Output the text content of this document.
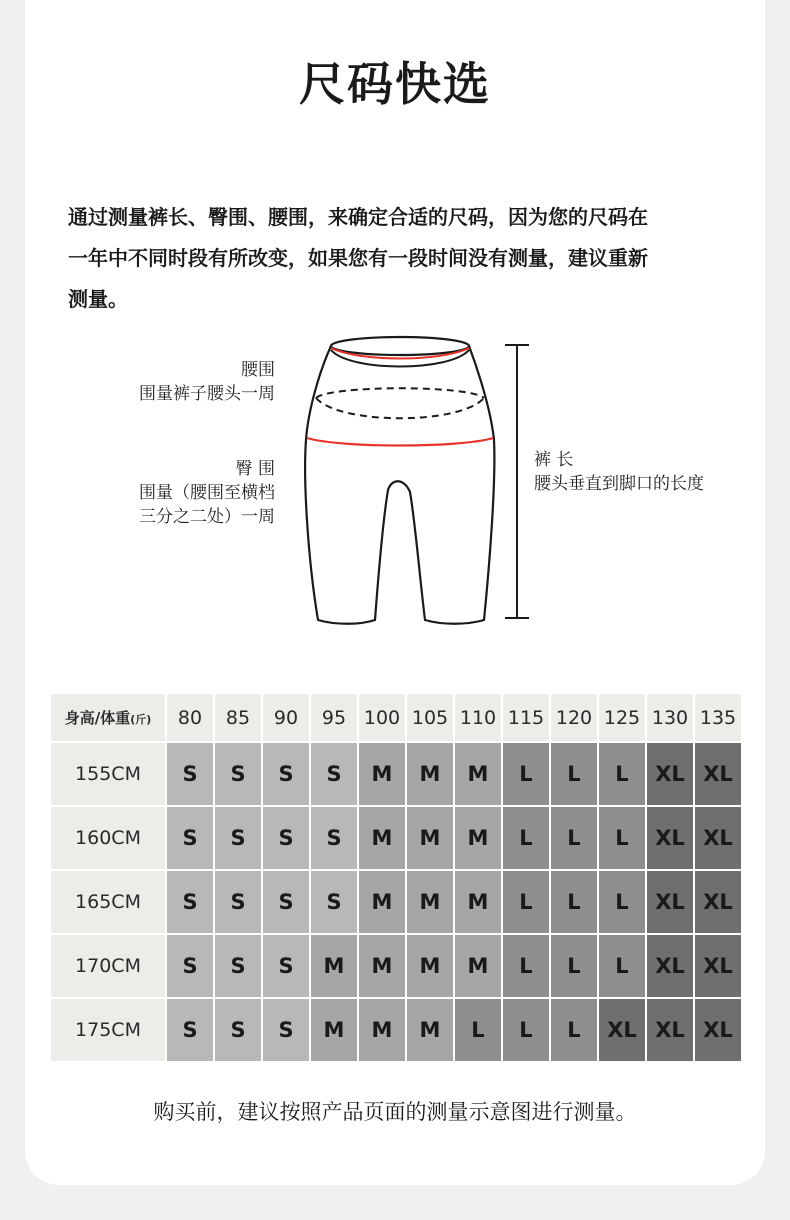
尺码快选
通过测量裤长、臀围、腰围，来确定合适的尺码，因为您的尺码在
一年中不同时段有所改变，如果您有一段时间没有测量，建议重新
测量。
腰围
围量裤子腰头一周
臀 围
围量（腰围至横档
三分之二处）一周
裤 长
腰头垂直到脚口的长度
身高/体重(斤)	80	85	90	95	100	105	110	115	120	125	130	135
155CM	S	S	S	S	M	M	M	L	L	L	XL	XL
160CM	S	S	S	S	M	M	M	L	L	L	XL	XL
165CM	S	S	S	S	M	M	M	L	L	L	XL	XL
170CM	S	S	S	M	M	M	M	L	L	L	XL	XL
175CM	S	S	S	M	M	M	L	L	L	XL	XL	XL
购买前，建议按照产品页面的测量示意图进行测量。
